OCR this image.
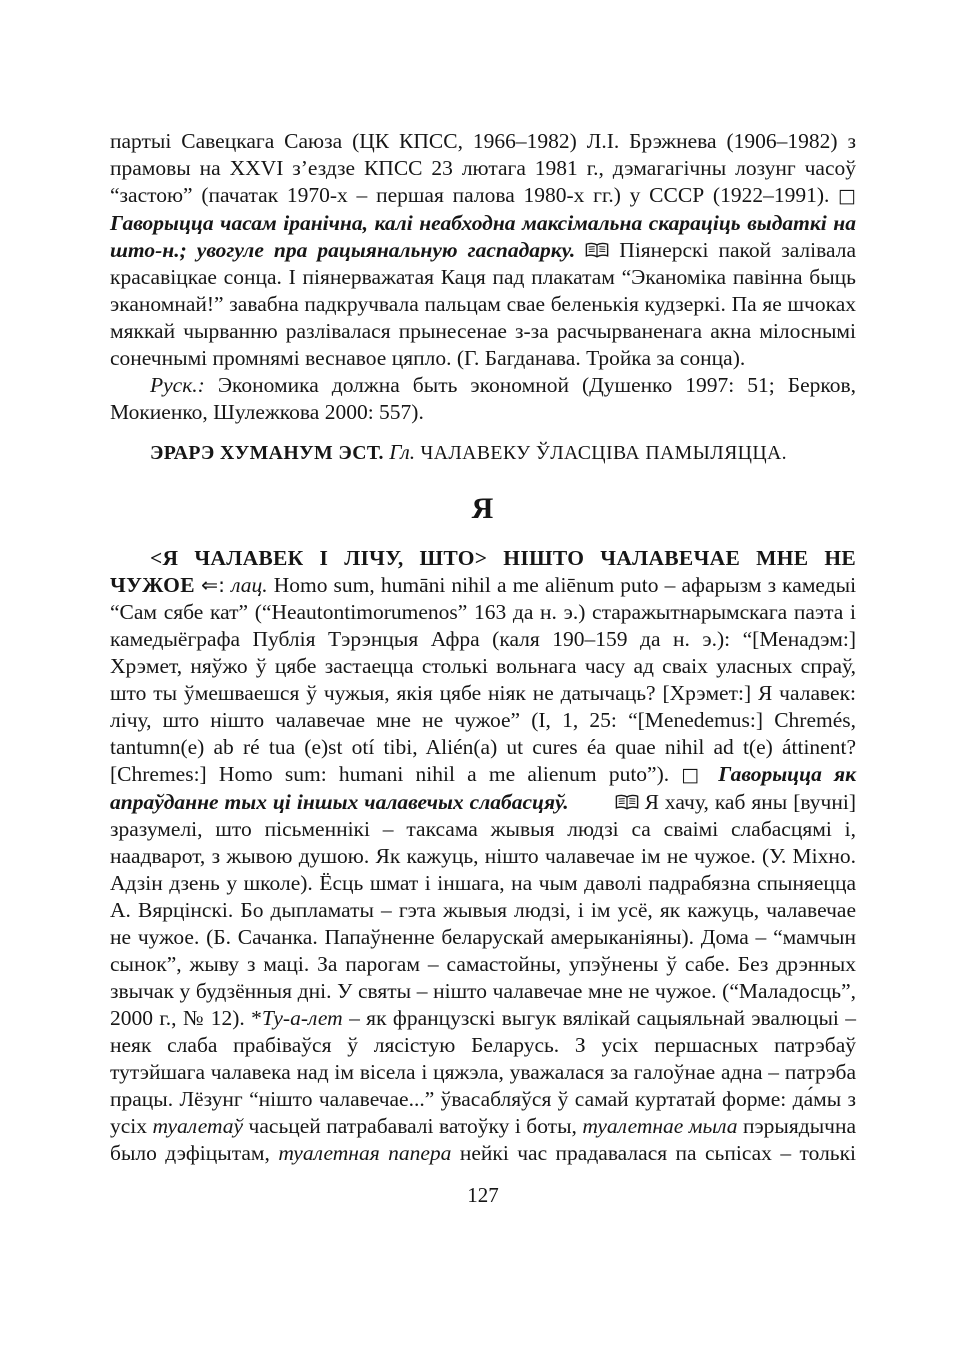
партыі Савецкага Саюза (ЦК КПСС, 1966–1982) Л.І. Брэжнева (1906–1982) з прамовы на XXVI з’ездзе КПСС 23 лютага 1981 г., дэмагагічны лозунг часоў “застою” (пачатак 1970-х – першая палова 1980-х гг.) у СССР (1922–1991). □ Гаворыцца часам іранічна, калі неабходна максімальна скараціць выдаткі на што-н.; увогуле пра рацыянальную гаспадарку. Піянерскі пакой залівала красавіцкае сонца. І піянерважатая Каця пад плакатам “Эканоміка павінна быць эканомнай!” завабна падкручвала пальцам свае беленькія кудзеркі. Па яе шчоках мяккай чырванню разлівалася прынесенае з-за расчырваненага акна мілоснымі сонечнымі промнямі веснавое цяпло. (Г. Багданава. Тройка за сонца).

Руск.: Экономика должна быть экономной (Душенко 1997: 51; Берков, Мокиенко, Шулежкова 2000: 557).

ЭРАРЭ ХУМАНУМ ЭСТ. Гл. ЧАЛАВЕКУ ЎЛАСЦІВА ПАМЫЛЯЦЦА.

Я

<Я ЧАЛАВЕК І ЛІЧУ, ШТО> НІШТО ЧАЛАВЕЧАЕ МНЕ НЕ ЧУЖОЕ ⇐: лац. Homo sum, humāni nihil a me aliēnum puto – афарызм з камедыі “Сам сябе кат” (“Heautontimorumenos” 163 да н. э.) старажытнарымскага паэта і камедыёграфа Публія Тэрэнцыя Афра (каля 190–159 да н. э.): “[Менадэм:] Хрэмет, няўжо ў цябе застаецца столькі вольнага часу ад сваіх уласных спраў, што ты ўмешваешся ў чужыя, якія цябе ніяк не датычаць? [Хрэмет:] Я чалавек: лічу, што нішто чалавечае мне не чужое” (I, 1, 25: “[Menedemus:] Chremés, tantumn(e) ab ré tua (e)st otí tibi, Alién(a) ut cures éa quae nihil ad t(e) áttinent? [Chremes:] Homo sum: humani nihil a me alienum puto”). □ Гаворыцца як апраўданне тых ці іншых чалавечых слабасцяў.	Я хачу, каб яны [вучні] зразумелі, што пісьменнікі – таксама жывыя людзі са сваімі слабасцямі і, наадварот, з жывою душою. Як кажуць, нішто чалавечае ім не чужое. (У. Міхно. Адзін дзень у школе). Ёсць шмат і іншага, на чым даволі падрабязна спыняецца А. Вярцінскі. Бо дыпламаты – гэта жывыя людзі, і ім усё, як кажуць, чалавечае не чужое. (Б. Сачанка. Папаўненне беларускай амерыканіяны). Дома – “мамчын сынок”, жыву з маці. За парогам – самастойны, упэўнены ў сабе. Без дрэнных звычак у будзённыя дні. У святы – нішто чалавечае мне не чужое. (“Маладосць”, 2000 г., № 12). *Ту-а-лет – як французскі выгук вялікай сацыяльнай эвалюцыі – неяк слаба прабіваўся ў лясістую Беларусь. З усіх першасных патрэбаў тутэйшага чалавека над ім вісела і цяжэла, уважалася за галоўнае адна – патрэба працы. Лёзунг “нішто чалавечае...” ўвасабляўся ў самай куртатай форме: да́мы з усіх туалетаў часьцей патрабавалі ватоўку і боты, туалетнае мыла пэрыядычна было дэфіцытам, туалетная папера нейкі час прадавалася па сьпісах – толькі

127
